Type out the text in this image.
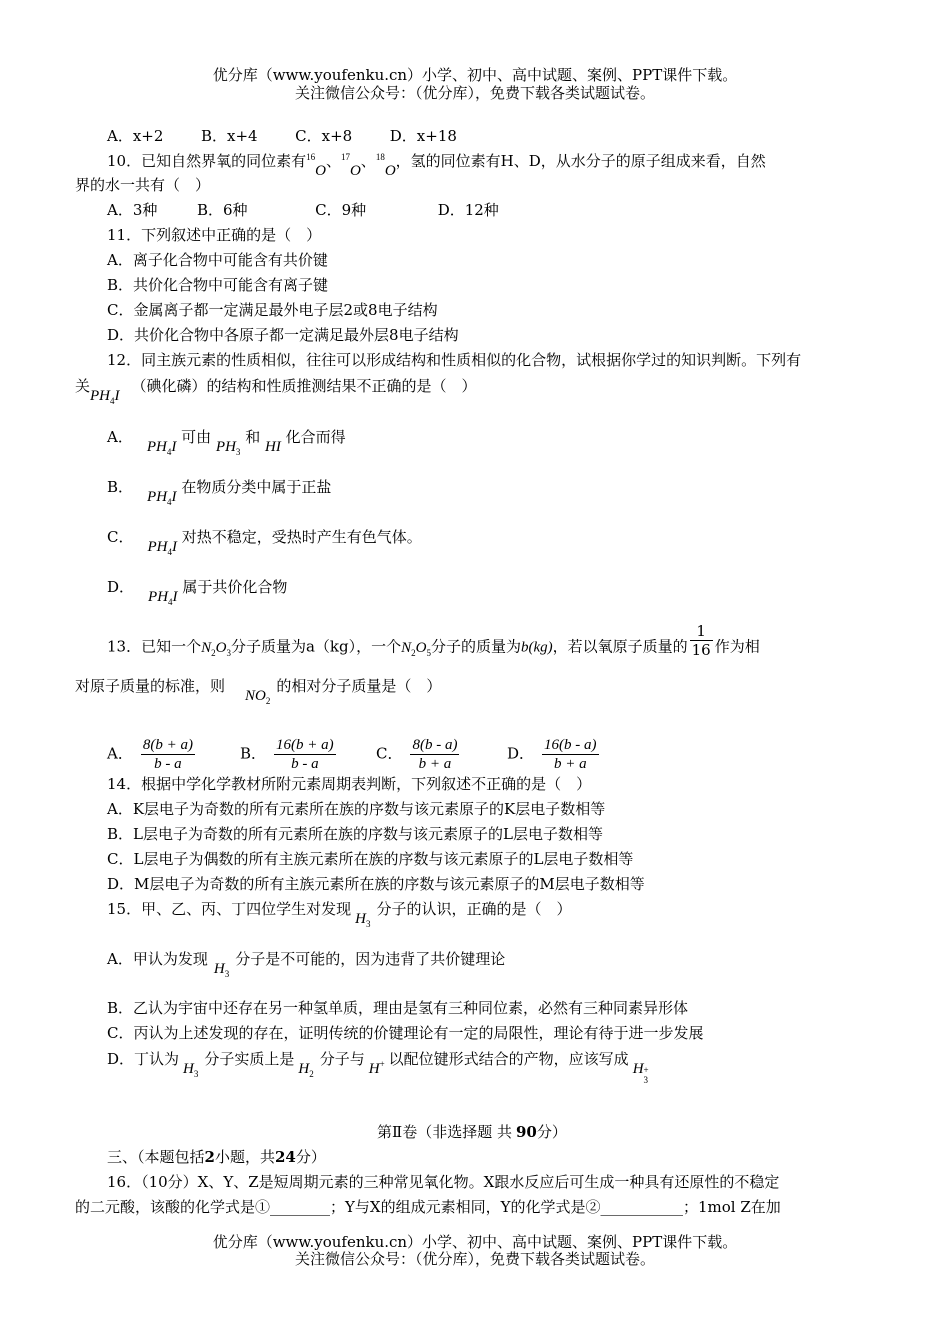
优分库（www.youfenku.cn）小学、初中、高中试题、案例、PPT课件下载。
关注微信公众号：（优分库），免费下载各类试题试卷。
A．x+2	B．x+4	C．x+8	D．x+18
10．已知自然界氧的同位素有$^{16}$O、$^{17}$O、$^{18}$O，氢的同位素有H、D，从水分子的原子组成来看，自然
界的水一共有（　）
A．3种	B．6种	C．9种	D．12种
11．下列叙述中正确的是（　）
A．离子化合物中可能含有共价键
B．共价化合物中可能含有离子键
C．金属离子都一定满足最外电子层2或8电子结构
D．共价化合物中各原子都一定满足最外层8电子结构
12．同主族元素的性质相似，往往可以形成结构和性质相似的化合物，试根据你学过的知识判断。下列有
关$PH_4I$（碘化磷）的结构和性质推测结果不正确的是（　）
A．$PH_4I$ 可由 $PH_3$ 和 HI 化合而得
B．$PH_4I$ 在物质分类中属于正盐
C．$PH_4I$ 对热不稳定，受热时产生有色气体。
D．$PH_4I$ 属于共价化合物
13．已知一个$N_2O_3$分子质量为a（kg），一个$N_2O_5$分子的质量为b(kg)，若以氧原子质量的 $\frac{1}{16}$ 作为相
对原子质量的标准，则$NO_2$的相对分子质量是（　）
A． $\frac{8(b + a)}{b - a}$	B． $\frac{16(b + a)}{b - a}$	C． $\frac{8(b - a)}{b + a}$	D． $\frac{16(b - a)}{b + a}$
14．根据中学化学教材所附元素周期表判断，下列叙述不正确的是（　）
A．K层电子为奇数的所有元素所在族的序数与该元素原子的K层电子数相等
B．L层电子为奇数的所有元素所在族的序数与该元素原子的L层电子数相等
C．L层电子为偶数的所有主族元素所在族的序数与该元素原子的L层电子数相等
D．M层电子为奇数的所有主族元素所在族的序数与该元素原子的M层电子数相等
15．甲、乙、丙、丁四位学生对发现$H_3$分子的认识，正确的是（　）
A．甲认为发现$H_3$分子是不可能的，因为违背了共价键理论
B．乙认为宇宙中还存在另一种氢单质，理由是氢有三种同位素，必然有三种同素异形体
C．丙认为上述发现的存在，证明传统的价键理论有一定的局限性，理论有待于进一步发展
D．丁认为$H_3$分子实质上是$H_2$分子与H+ 以配位键形式结合的产物，应该写成H +
3
第Ⅱ卷（非选择题 共 90分）
三、（本题包括2小题，共24分）
16．（10分）X、Y、Z是短周期元素的三种常见氧化物。X跟水反应后可生成一种具有还原性的不稳定
的二元酸，该酸的化学式是①________；Y与X的组成元素相同，Y的化学式是②___________；1mol Z在加
优分库（www.youfenku.cn）小学、初中、高中试题、案例、PPT课件下载。
关注微信公众号：（优分库），免费下载各类试题试卷。
